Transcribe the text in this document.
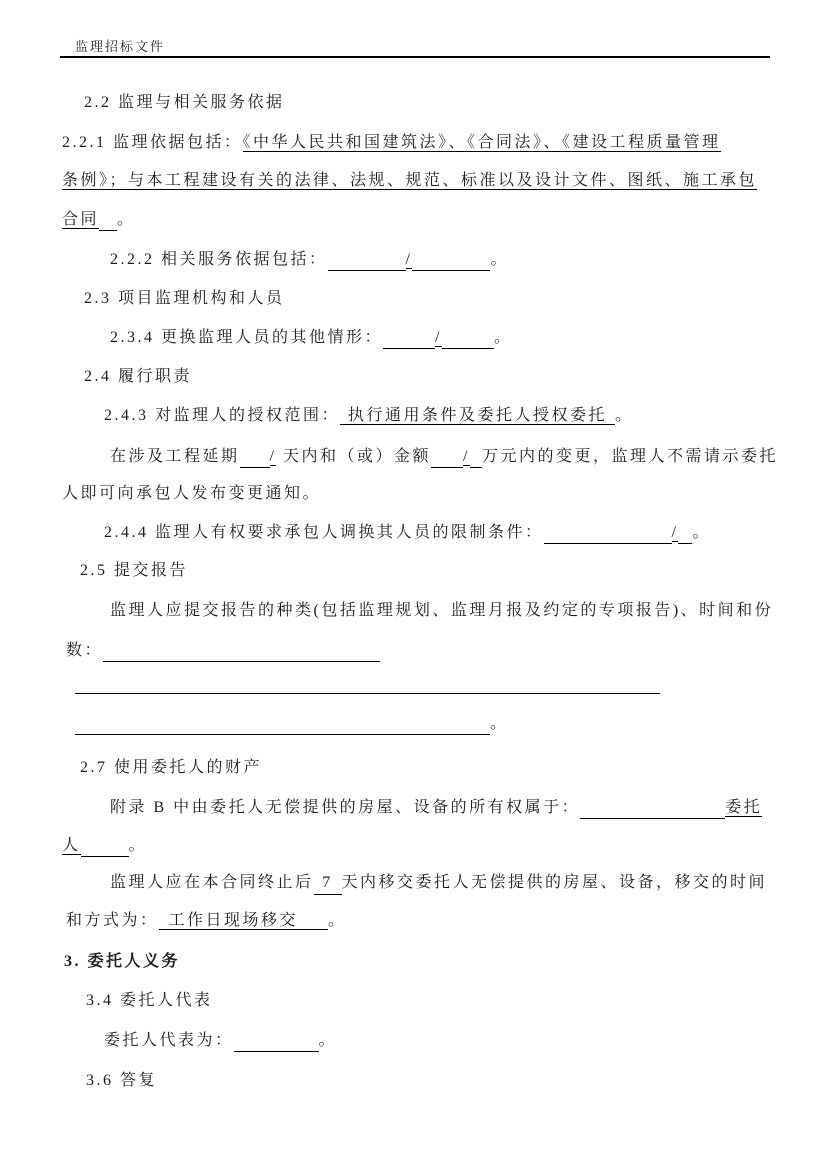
监理招标文件
2.2 监理与相关服务依据
2.2.1 监理依据包括：《中华人民共和国建筑法》、《合同法》、《建设工程质量管理
条例》；与本工程建设有关的法律、法规、规范、标准以及设计文件、图纸、施工承包
合同 。
2.2.2 相关服务依据包括：	/	。
2.3 项目监理机构和人员
2.3.4 更换监理人员的其他情形：	/	。
2.4 履行职责
2.4.3 对监理人的授权范围： 执行通用条件及委托人授权委托 。
在涉及工程延期 / 天内和（或）金额 / 万元内的变更，监理人不需请示委托
人即可向承包人发布变更通知。
2.4.4 监理人有权要求承包人调换其人员的限制条件：	/ 。
2.5 提交报告
监理人应提交报告的种类(包括监理规划、监理月报及约定的专项报告)、时间和份
数：
。
2.7 使用委托人的财产
附录 B 中由委托人无偿提供的房屋、设备的所有权属于：	委托
人	。
监理人应在本合同终止后 7 天内移交委托人无偿提供的房屋、设备，移交的时间
和方式为： 工作日现场移交 。
3. 委托人义务
3.4 委托人代表
委托人代表为：	。
3.6 答复
